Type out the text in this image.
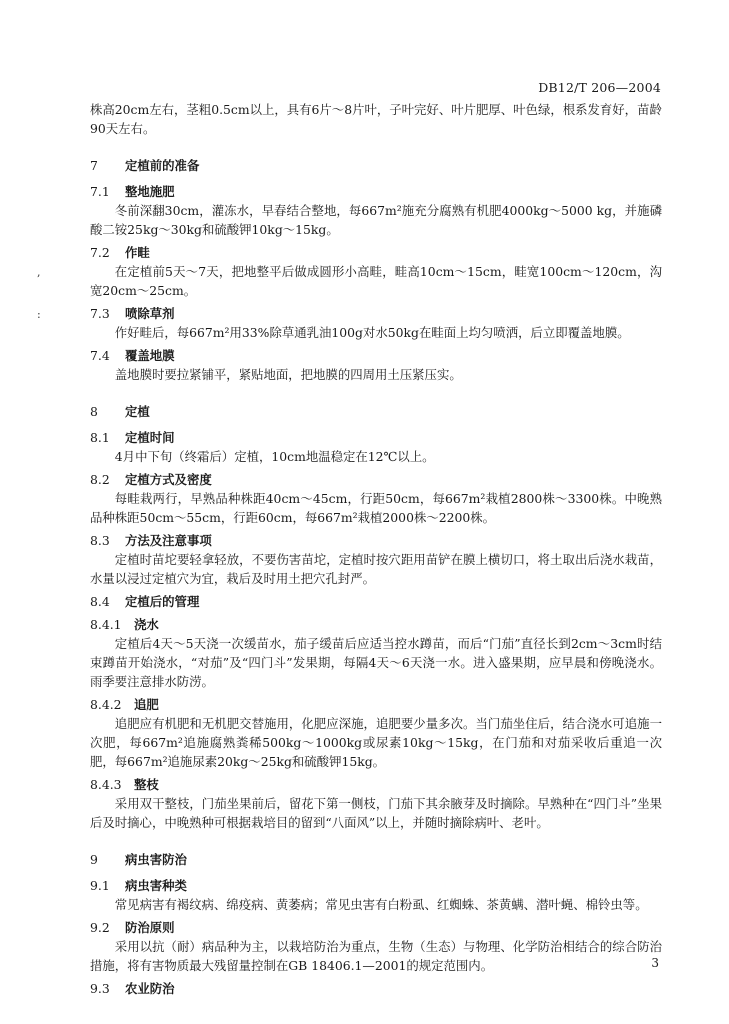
DB12/T 206—2004
,
:

株高20cm左右，茎粗0.5cm以上，具有6片～8片叶，子叶完好、叶片肥厚、叶色绿，根系发育好，苗龄90天左右。

7 定植前的准备

7.1 整地施肥

冬前深翻30cm，灌冻水，早春结合整地，每667m²施充分腐熟有机肥4000kg～5000 kg，并施磷酸二铵25kg～30kg和硫酸钾10kg～15kg。

7.2 作畦

在定植前5天～7天，把地整平后做成圆形小高畦，畦高10cm～15cm，畦宽100cm～120cm，沟宽20cm～25cm。

7.3 喷除草剂

作好畦后，每667m²用33%除草通乳油100g对水50kg在畦面上均匀喷洒，后立即覆盖地膜。

7.4 覆盖地膜

盖地膜时要拉紧铺平，紧贴地面，把地膜的四周用土压紧压实。

8 定植

8.1 定植时间

4月中下旬（终霜后）定植，10cm地温稳定在12℃以上。

8.2 定植方式及密度

每畦栽两行，早熟品种株距40cm～45cm，行距50cm，每667m²栽植2800株～3300株。中晚熟品种株距50cm～55cm，行距60cm，每667m²栽植2000株～2200株。

8.3 方法及注意事项

定植时苗坨要轻拿轻放，不要伤害苗坨，定植时按穴距用苗铲在膜上横切口，将土取出后浇水栽苗，水量以浸过定植穴为宜，栽后及时用土把穴孔封严。

8.4 定植后的管理

8.4.1 浇水

定植后4天～5天浇一次缓苗水，茄子缓苗后应适当控水蹲苗，而后“门茄”直径长到2cm～3cm时结束蹲苗开始浇水，“对茄”及“四门斗”发果期，每隔4天～6天浇一水。进入盛果期，应早晨和傍晚浇水。雨季要注意排水防涝。

8.4.2 追肥

追肥应有机肥和无机肥交替施用，化肥应深施，追肥要少量多次。当门茄坐住后，结合浇水可追施一次肥，每667m²追施腐熟粪稀500kg～1000kg或尿素10kg～15kg，在门茄和对茄采收后重追一次肥，每667m²追施尿素20kg～25kg和硫酸钾15kg。

8.4.3 整枝

采用双干整枝，门茄坐果前后，留花下第一侧枝，门茄下其余腋芽及时摘除。早熟种在“四门斗”坐果后及时摘心，中晚熟种可根据栽培目的留到“八面风”以上，并随时摘除病叶、老叶。

9 病虫害防治

9.1 病虫害种类

常见病害有褐纹病、绵疫病、黄萎病；常见虫害有白粉虱、红蜘蛛、茶黄螨、潜叶蝇、棉铃虫等。

9.2 防治原则

采用以抗（耐）病品种为主，以栽培防治为重点，生物（生态）与物理、化学防治相结合的综合防治措施，将有害物质最大残留量控制在GB 18406.1—2001的规定范围内。

9.3 农业防治

3
